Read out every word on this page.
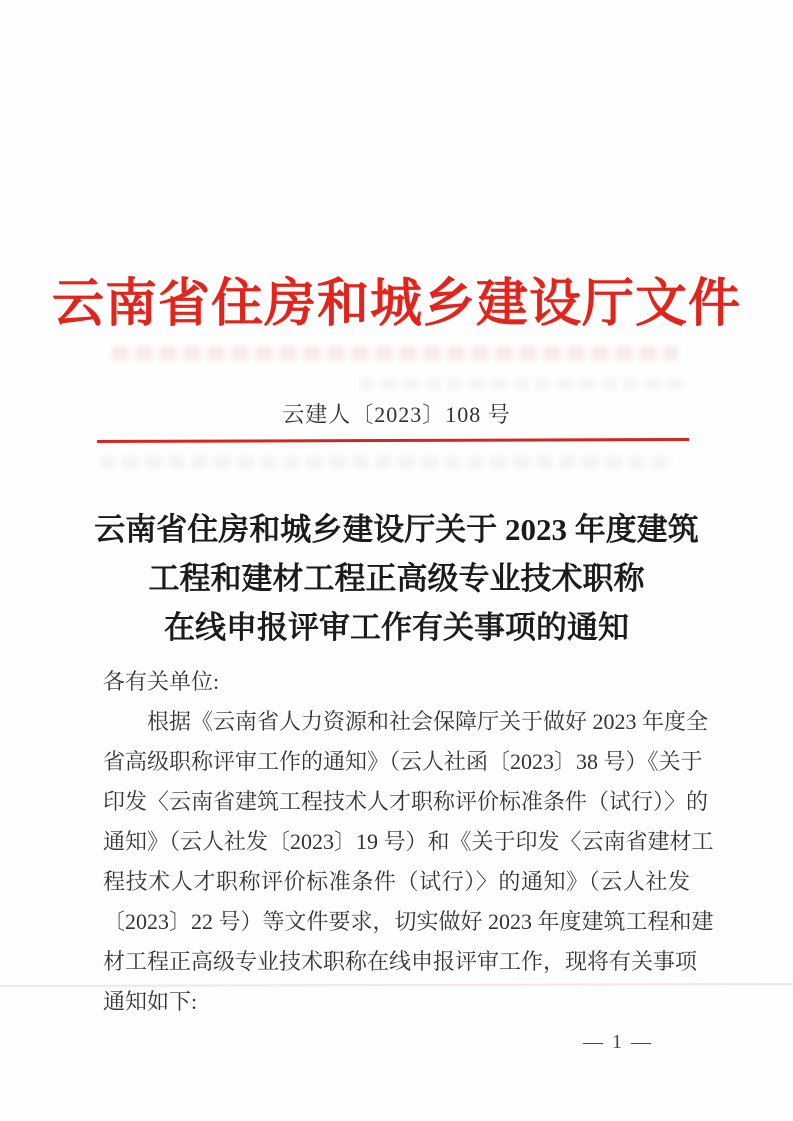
云南省住房和城乡建设厅文件
云建人〔2023〕108 号
云南省住房和城乡建设厅关于 2023 年度建筑
工程和建材工程正高级专业技术职称
在线申报评审工作有关事项的通知
各有关单位:
根据《云南省人力资源和社会保障厅关于做好 2023 年度全
省高级职称评审工作的通知》（云人社函〔2023〕38 号）《关于
印发〈云南省建筑工程技术人才职称评价标准条件（试行）〉的
通知》（云人社发〔2023〕19 号）和《关于印发〈云南省建材工
程技术人才职称评价标准条件（试行）〉的通知》（云人社发
〔2023〕22 号）等文件要求，切实做好 2023 年度建筑工程和建
材工程正高级专业技术职称在线申报评审工作，现将有关事项
通知如下:
— 1 —
